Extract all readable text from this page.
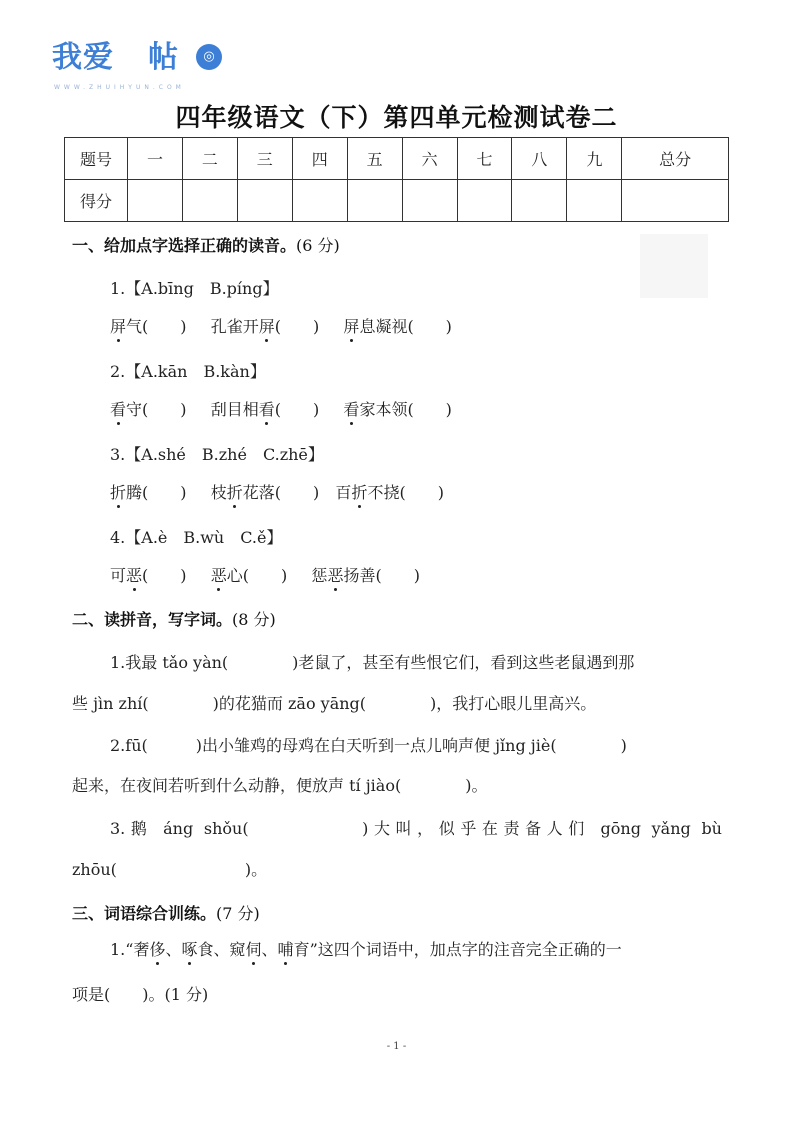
我爱 帖	◎
WWW.ZHUIHYUN.COM
四年级语文（下）第四单元检测试卷二
题号	一	二	三	四	五	六	七	八	九	总分
得分										
一、给加点字选择正确的读音。(6 分)
1.【A.bīng　B.píng】
屏气(　　) 孔雀开屏(　　) 屏息凝视(　　)
2.【A.kān　B.kàn】
看守(　　) 刮目相看(　　) 看家本领(　　)
3.【A.shé　B.zhé　C.zhē】
折腾(　　) 枝折花落(　　) 百折不挠(　　)
4.【A.è　B.wù　C.ě】
可恶(　　) 恶心(　　) 惩恶扬善(　　)
二、读拼音，写字词。(8 分)
1.我最 tǎo yàn(　　　　)老鼠了，甚至有些恨它们，看到这些老鼠遇到那
些 jìn zhí(　　　　)的花猫而 zāo yāng(　　　　)，我打心眼儿里高兴。
2.fū(　　　)出小雏鸡的母鸡在白天听到一点儿响声便 jǐng jiè(　　　　)
起来，在夜间若听到什么动静，便放声 tí jiào(　　　　)。
3.鹅 áng shǒu(　　　　　)大叫，似乎在责备人们 gōng yǎng bù
zhōu(　　　　　　　　)。
三、词语综合训练。(7 分)
1.“奢侈、啄食、窥伺、哺育”这四个词语中，加点字的注音完全正确的一
项是(　　)。(1 分)
- 1 -
